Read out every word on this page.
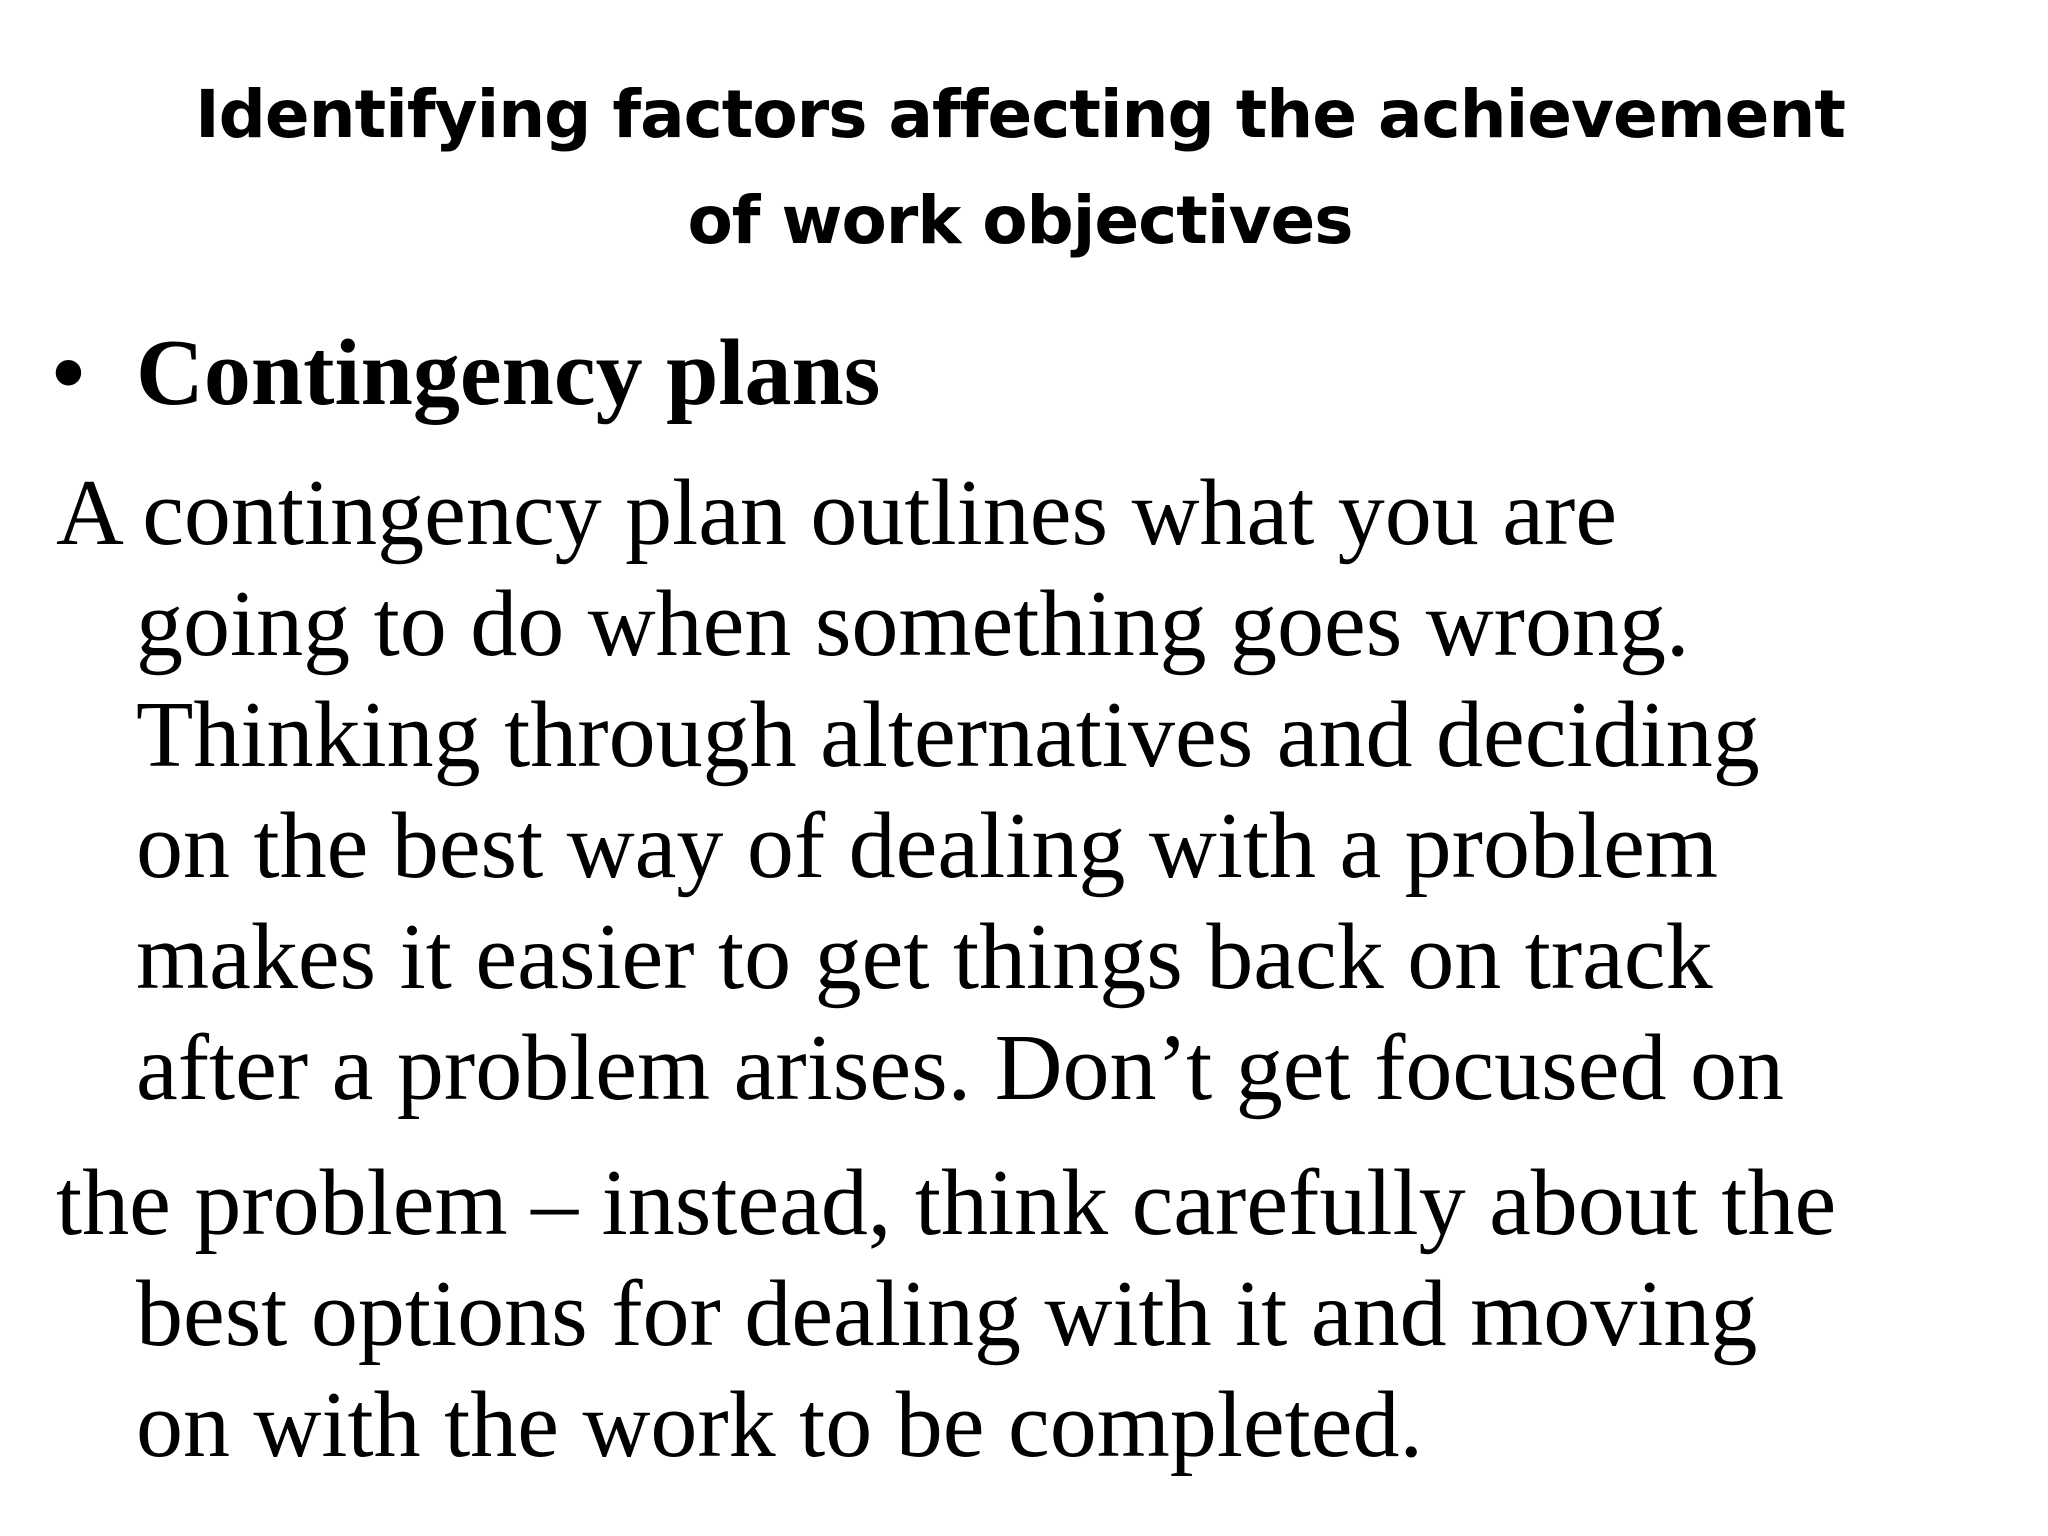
Identifying factors affecting the achievement
of work objectives
• Contingency plans
A contingency plan outlines what you are
going to do when something goes wrong.
Thinking through alternatives and deciding
on the best way of dealing with a problem
makes it easier to get things back on track
after a problem arises. Don’t get focused on
the problem – instead, think carefully about the
best options for dealing with it and moving
on with the work to be completed.
